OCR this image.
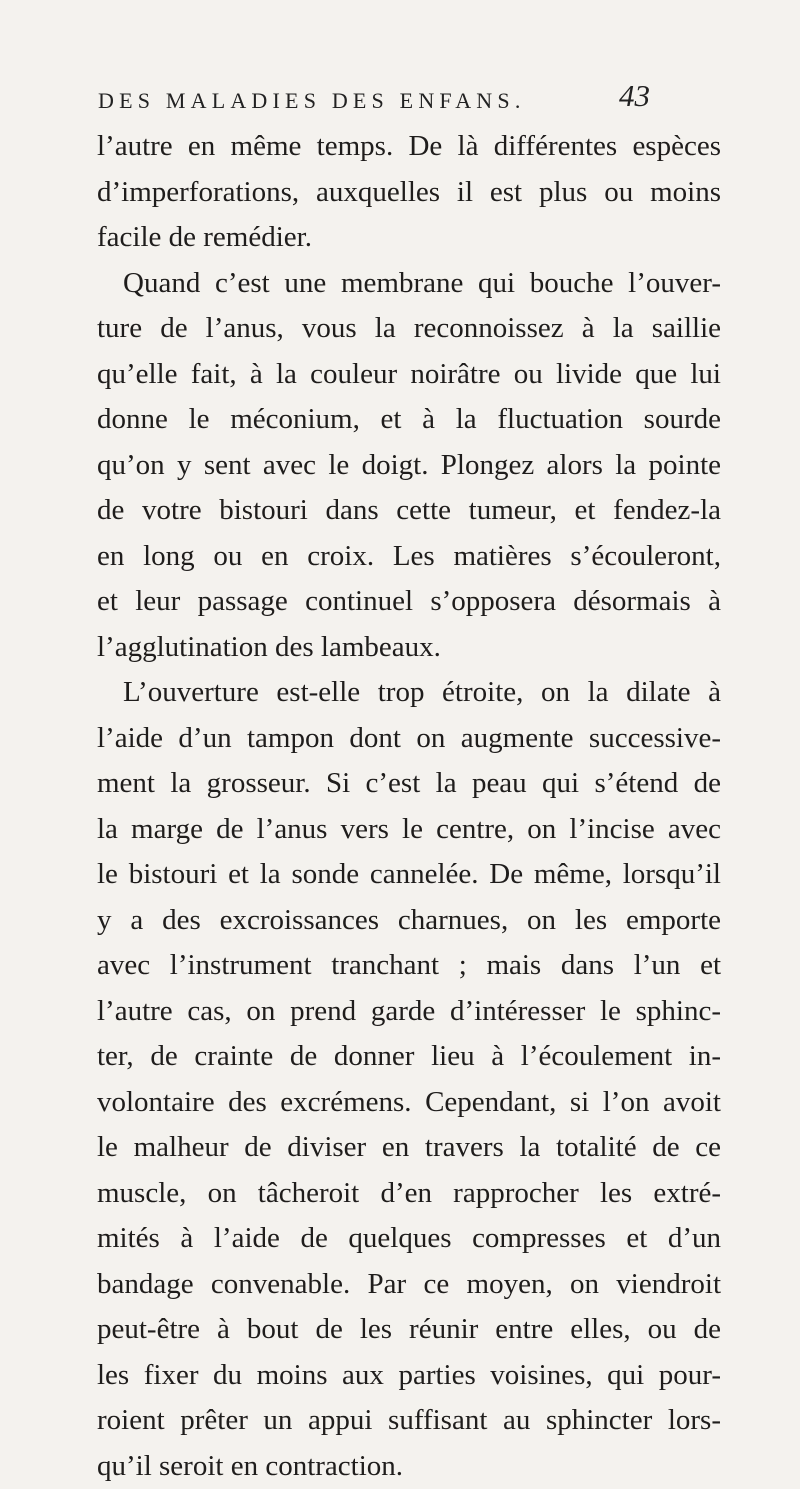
DES MALADIES DES ENFANS.	43
l’autre en même temps. De là différentes espèces
d’imperforations, auxquelles il est plus ou moins
facile de remédier.
Quand c’est une membrane qui bouche l’ouver-
ture de l’anus, vous la reconnoissez à la saillie
qu’elle fait, à la couleur noirâtre ou livide que lui
donne le méconium, et à la fluctuation sourde
qu’on y sent avec le doigt. Plongez alors la pointe
de votre bistouri dans cette tumeur, et fendez-la
en long ou en croix. Les matières s’écouleront,
et leur passage continuel s’opposera désormais à
l’agglutination des lambeaux.
L’ouverture est-elle trop étroite, on la dilate à
l’aide d’un tampon dont on augmente successive-
ment la grosseur. Si c’est la peau qui s’étend de
la marge de l’anus vers le centre, on l’incise avec
le bistouri et la sonde cannelée. De même, lorsqu’il
y a des excroissances charnues, on les emporte
avec l’instrument tranchant ; mais dans l’un et
l’autre cas, on prend garde d’intéresser le sphinc-
ter, de crainte de donner lieu à l’écoulement in-
volontaire des excrémens. Cependant, si l’on avoit
le malheur de diviser en travers la totalité de ce
muscle, on tâcheroit d’en rapprocher les extré-
mités à l’aide de quelques compresses et d’un
bandage convenable. Par ce moyen, on viendroit
peut-être à bout de les réunir entre elles, ou de
les fixer du moins aux parties voisines, qui pour-
roient prêter un appui suffisant au sphincter lors-
qu’il seroit en contraction.
